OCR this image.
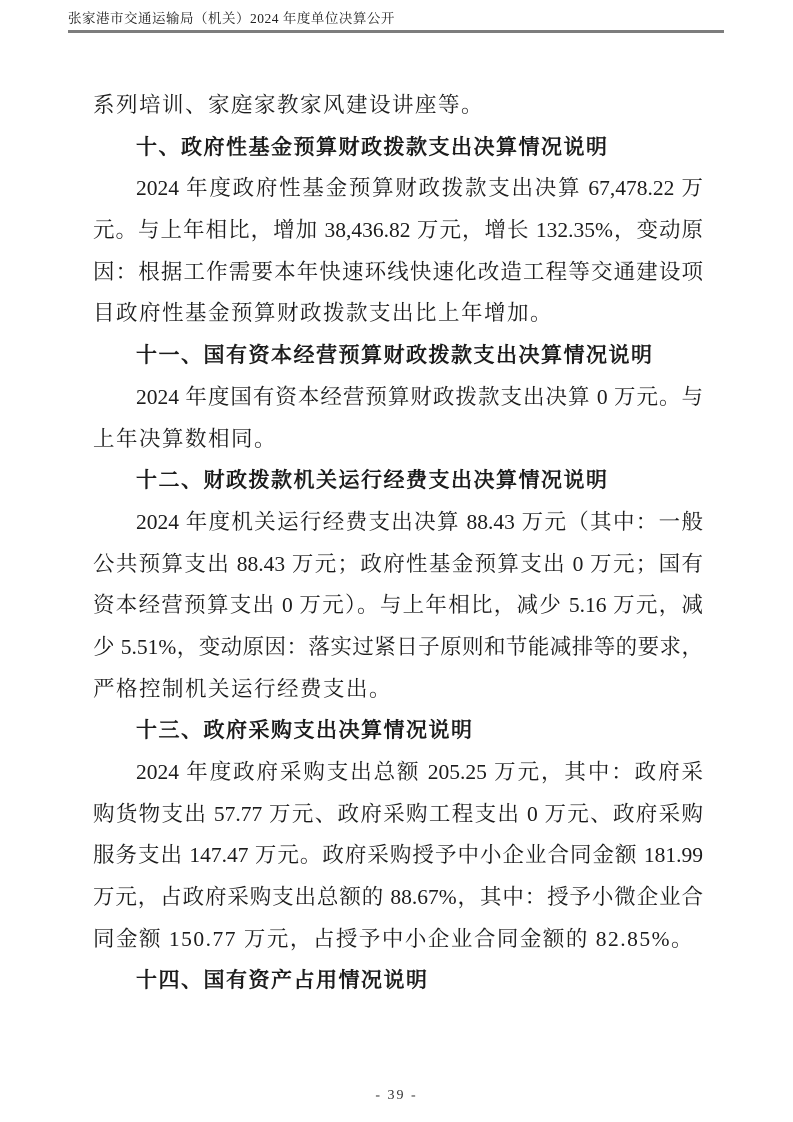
张家港市交通运输局（机关）2024 年度单位决算公开
系列培训、家庭家教家风建设讲座等。
十、政府性基金预算财政拨款支出决算情况说明
2024 年度政府性基金预算财政拨款支出决算 67,478.22 万
元。与上年相比，增加 38,436.82 万元，增长 132.35%，变动原
因：根据工作需要本年快速环线快速化改造工程等交通建设项
目政府性基金预算财政拨款支出比上年增加。
十一、国有资本经营预算财政拨款支出决算情况说明
2024 年度国有资本经营预算财政拨款支出决算 0 万元。与
上年决算数相同。
十二、财政拨款机关运行经费支出决算情况说明
2024 年度机关运行经费支出决算 88.43 万元（其中：一般
公共预算支出 88.43 万元；政府性基金预算支出 0 万元；国有
资本经营预算支出 0 万元）。与上年相比，减少 5.16 万元，减
少 5.51%，变动原因：落实过紧日子原则和节能减排等的要求，
严格控制机关运行经费支出。
十三、政府采购支出决算情况说明
2024 年度政府采购支出总额 205.25 万元，其中：政府采
购货物支出 57.77 万元、政府采购工程支出 0 万元、政府采购
服务支出 147.47 万元。政府采购授予中小企业合同金额 181.99
万元，占政府采购支出总额的 88.67%，其中：授予小微企业合
同金额 150.77 万元，占授予中小企业合同金额的 82.85%。
十四、国有资产占用情况说明
- 39 -
